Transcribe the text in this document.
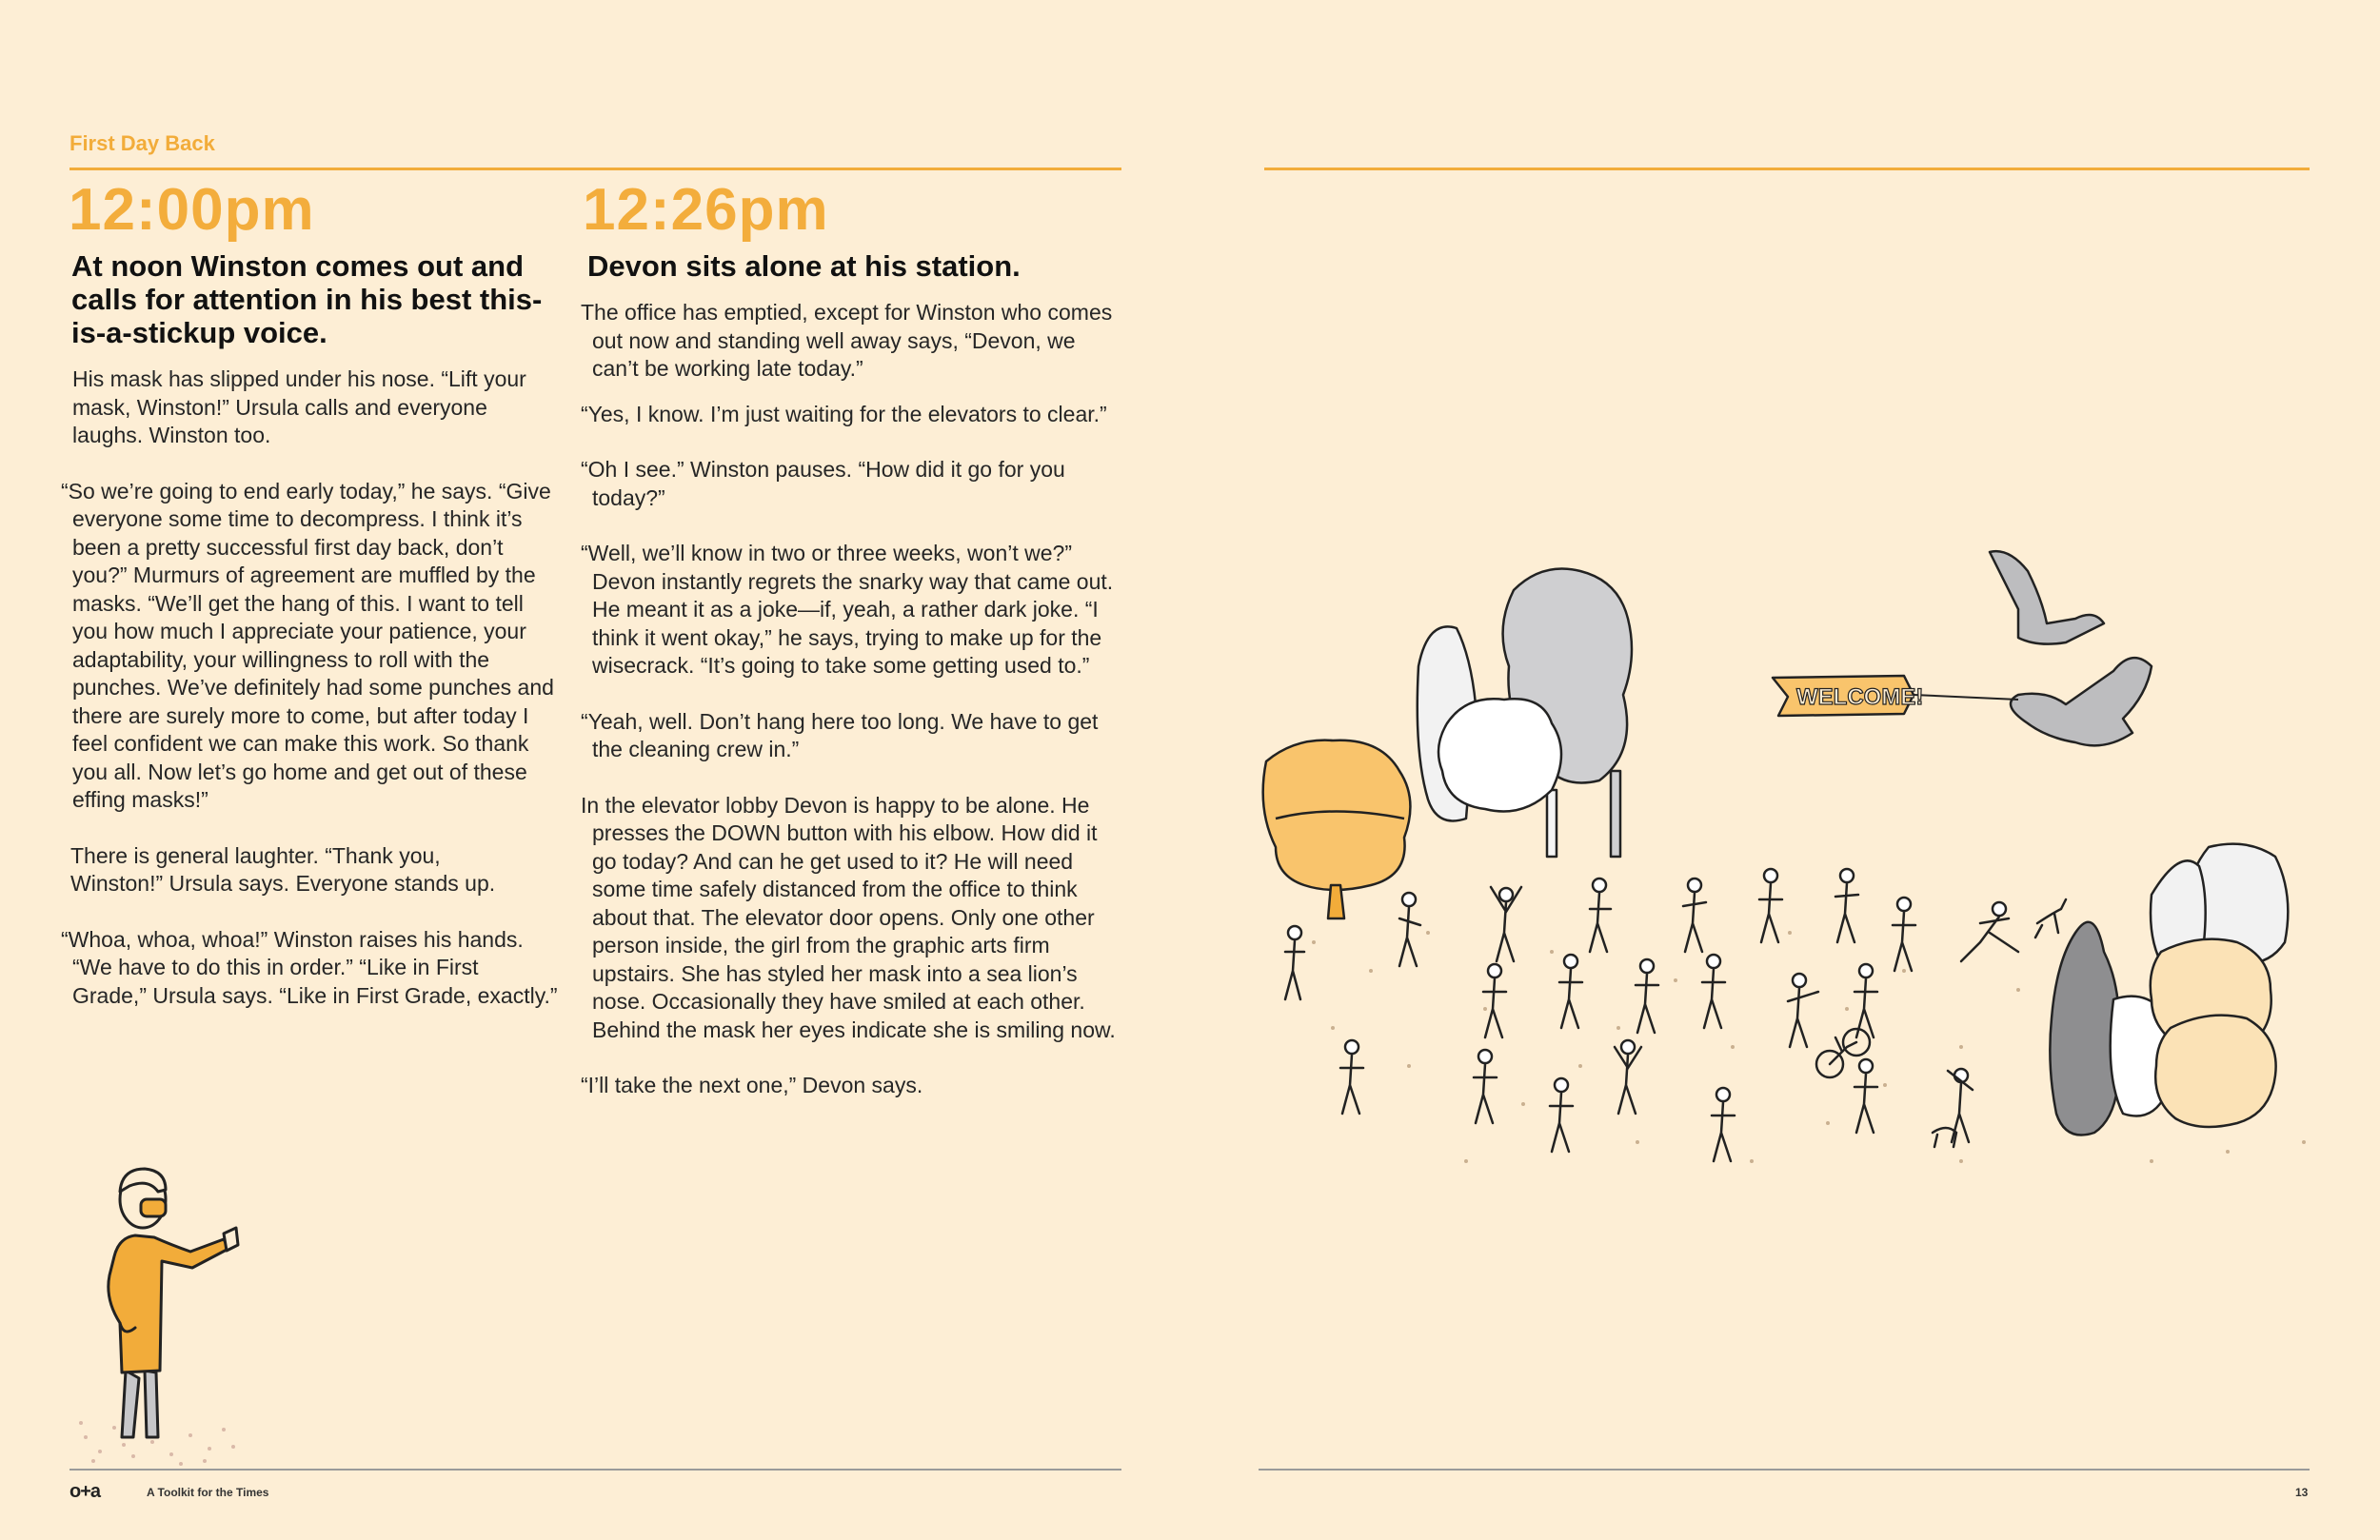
First Day Back
12:00pm
At noon Winston comes out and calls for attention in his best this-is-a-stickup voice.

His mask has slipped under his nose. “Lift your mask, Winston!” Ursula calls and everyone laughs. Winston too.

“So we’re going to end early today,” he says. “Give everyone some time to decompress. I think it’s been a pretty successful first day back, don’t you?” Murmurs of agreement are muffled by the masks. “We’ll get the hang of this. I want to tell you how much I appreciate your patience, your adaptability, your willingness to roll with the punches. We’ve definitely had some punches and there are surely more to come, but after today I feel confident we can make this work. So thank you all. Now let’s go home and get out of these effing masks!”

There is general laughter. “Thank you, Winston!” Ursula says. Everyone stands up.

“Whoa, whoa, whoa!” Winston raises his hands. “We have to do this in order.” “Like in First Grade,” Ursula says. “Like in First Grade, exactly.”

12:26pm
Devon sits alone at his station.

The office has emptied, except for Winston who comes out now and standing well away says, “Devon, we can’t be working late today.”

“Yes, I know. I’m just waiting for the elevators to clear.”

“Oh I see.” Winston pauses. “How did it go for you today?”

“Well, we’ll know in two or three weeks, won’t we?” Devon instantly regrets the snarky way that came out. He meant it as a joke—if, yeah, a rather dark joke. “I think it went okay,” he says, trying to make up for the wisecrack. “It’s going to take some getting used to.”

“Yeah, well. Don’t hang here too long. We have to get the cleaning crew in.”

In the elevator lobby Devon is happy to be alone. He presses the DOWN button with his elbow. How did it go today? And can he get used to it? He will need some time safely distanced from the office to think about that. The elevator door opens. Only one other person inside, the girl from the graphic arts firm upstairs. She has styled her mask into a sea lion’s nose. Occasionally they have smiled at each other. Behind the mask her eyes indicate she is smiling now.

“I’ll take the next one,” Devon says.

WELCOME!
o+a	A Toolkit for the Times	13
